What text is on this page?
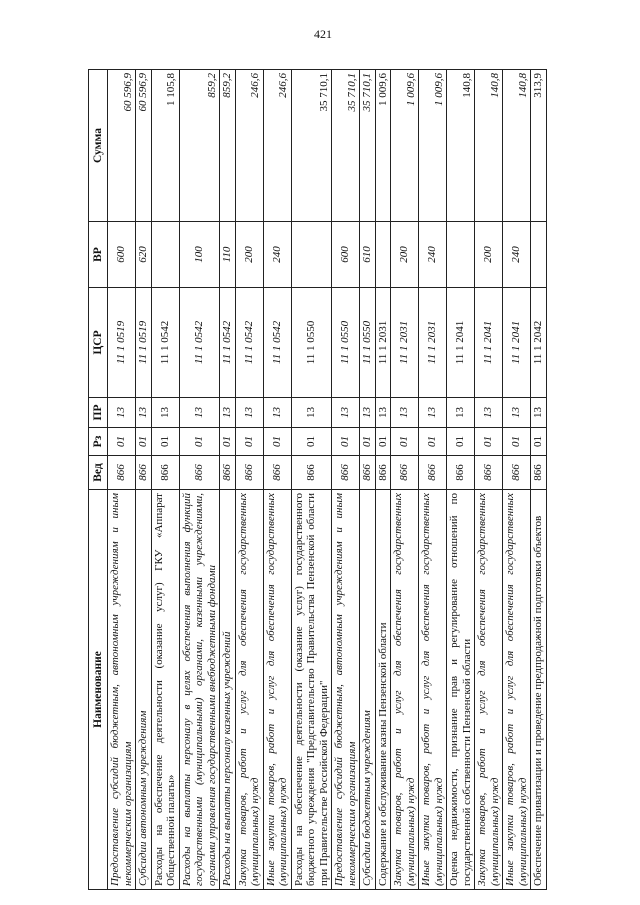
421
Наименование	Вед	Рз	ПР	ЦСР	ВР	Сумма
Предоставление субсидий бюджетным, автономным учреждениям и иным некоммерческим организациям	866	01	13	11 1 0519	600	60 596,9
Субсидии автономным учреждениям	866	01	13	11 1 0519	620	60 596,9
Расходы на обеспечение деятельности (оказание услуг) ГКУ «Аппарат Общественной палаты»	866	01	13	11 1 0542		1 105,8
Расходы на выплаты персоналу в целях обеспечения выполнения функций государственными (муниципальными) органами, казенными учреждениями, органами управления государственными внебюджетными фондами	866	01	13	11 1 0542	100	859,2
Расходы на выплаты персоналу казенных учреждений	866	01	13	11 1 0542	110	859,2
Закупка товаров, работ и услуг для обеспечения государственных (муниципальных) нужд	866	01	13	11 1 0542	200	246,6
Иные закупки товаров, работ и услуг для обеспечения государственных (муниципальных) нужд	866	01	13	11 1 0542	240	246,6
Расходы на обеспечение деятельности (оказание услуг) государственного бюджетного учреждения "Представительство Правительства Пензенской области при Правительстве Российской Федерации"	866	01	13	11 1 0550		35 710,1
Предоставление субсидий бюджетным, автономным учреждениям и иным некоммерческим организациям	866	01	13	11 1 0550	600	35 710,1
Субсидии бюджетным учреждениям	866	01	13	11 1 0550	610	35 710,1
Содержание и обслуживание казны Пензенской области	866	01	13	11 1 2031		1 009,6
Закупка товаров, работ и услуг для обеспечения государственных (муниципальных) нужд	866	01	13	11 1 2031	200	1 009,6
Иные закупки товаров, работ и услуг для обеспечения государственных (муниципальных) нужд	866	01	13	11 1 2031	240	1 009,6
Оценка недвижимости, признание прав и регулирование отношений по государственной собственности Пензенской области	866	01	13	11 1 2041		140,8
Закупка товаров, работ и услуг для обеспечения государственных (муниципальных) нужд	866	01	13	11 1 2041	200	140,8
Иные закупки товаров, работ и услуг для обеспечения государственных (муниципальных) нужд	866	01	13	11 1 2041	240	140,8
Обеспечение приватизации и проведение предпродажной подготовки объектов	866	01	13	11 1 2042		313,9
